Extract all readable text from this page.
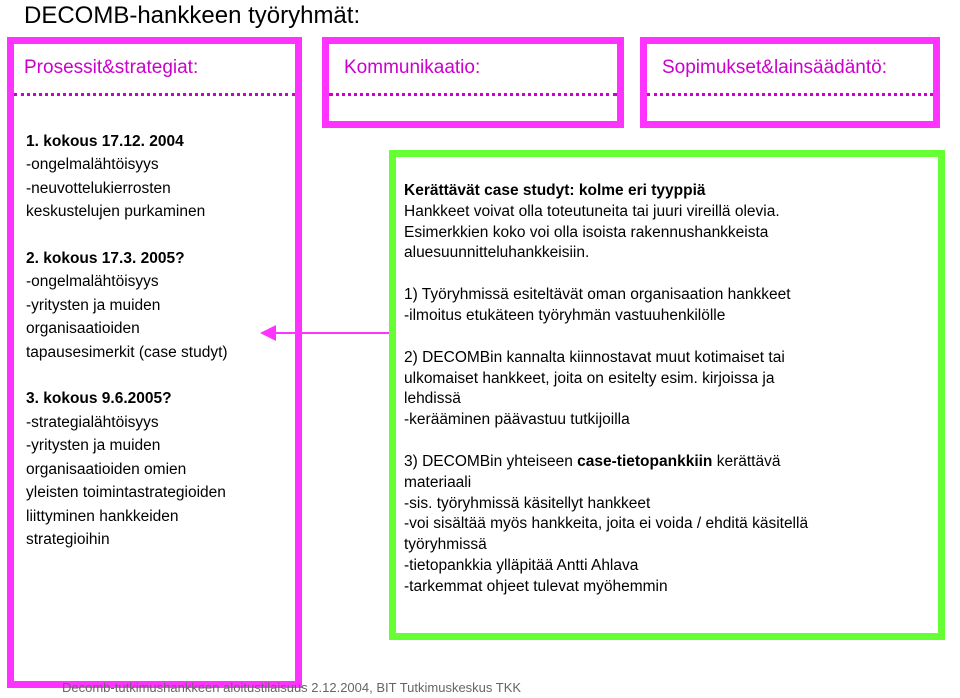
DECOMB-hankkeen työryhmät:
Prosessit&strategiat:	Kommunikaatio:	Sopimukset&lainsäädäntö:
1. kokous 17.12. 2004
-ongelmalähtöisyys
-neuvottelukierrosten
keskustelujen purkaminen
2. kokous 17.3. 2005?
-ongelmalähtöisyys
-yritysten ja muiden
organisaatioiden
tapausesimerkit (case studyt)
3. kokous 9.6.2005?
-strategialähtöisyys
-yritysten ja muiden
organisaatioiden omien
yleisten toimintastrategioiden
liittyminen hankkeiden
strategioihin
Kerättävät case studyt: kolme eri tyyppiä
Hankkeet voivat olla toteutuneita tai juuri vireillä olevia.
Esimerkkien koko voi olla isoista rakennushankkeista
aluesuunnitteluhankkeisiin.
1) Työryhmissä esiteltävät oman organisaation hankkeet
-ilmoitus etukäteen työryhmän vastuuhenkilölle
2) DECOMBin kannalta kiinnostavat muut kotimaiset tai
ulkomaiset hankkeet, joita on esitelty esim. kirjoissa ja
lehdissä
-kerääminen päävastuu tutkijoilla
3) DECOMBin yhteiseen case-tietopankkiin kerättävä
materiaali
-sis. työryhmissä käsitellyt hankkeet
-voi sisältää myös hankkeita, joita ei voida / ehditä käsitellä
työryhmissä
-tietopankkia ylläpitää Antti Ahlava
-tarkemmat ohjeet tulevat myöhemmin
Decomb-tutkimushankkeen aloitustilaisuus 2.12.2004, BIT Tutkimuskeskus TKK
